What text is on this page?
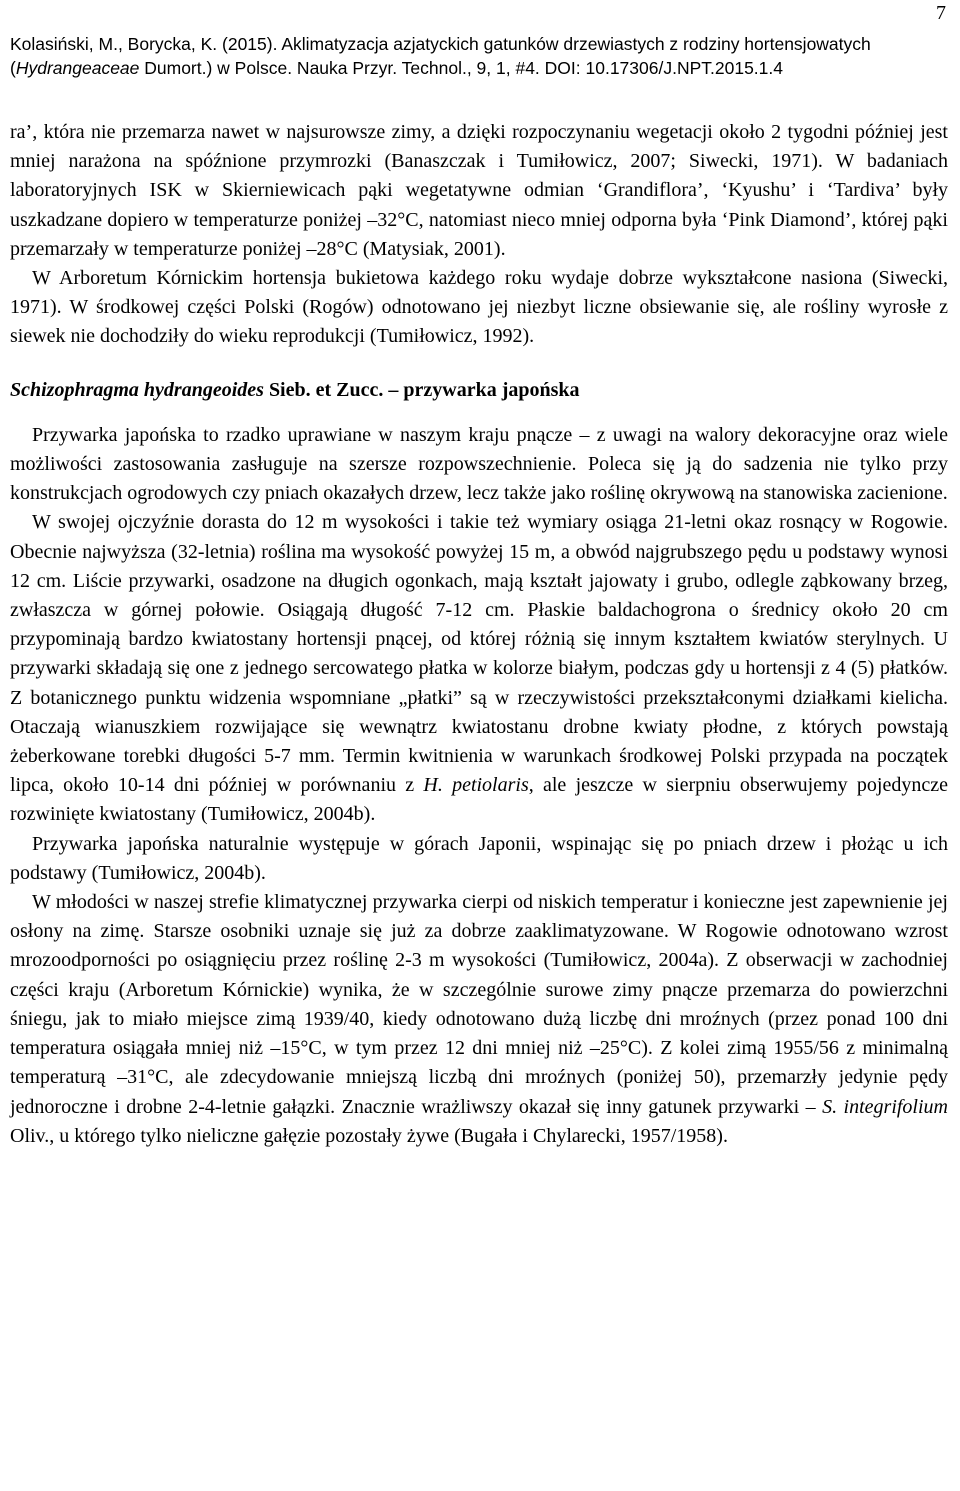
7
Kolasiński, M., Borycka, K. (2015). Aklimatyzacja azjatyckich gatunków drzewiastych z rodziny hortensjowatych
(Hydrangeaceae Dumort.) w Polsce. Nauka Przyr. Technol., 9, 1, #4. DOI: 10.17306/J.NPT.2015.1.4

ra’, która nie przemarza nawet w najsurowsze zimy, a dzięki rozpoczynaniu wegetacji około 2 tygodni później jest mniej narażona na spóźnione przymrozki (Banaszczak i Tumiłowicz, 2007; Siwecki, 1971). W badaniach laboratoryjnych ISK w Skierniewicach pąki wegetatywne odmian ‘Grandiflora’, ‘Kyushu’ i ‘Tardiva’ były uszkadzane dopiero w temperaturze poniżej –32°C, natomiast nieco mniej odporna była ‘Pink Diamond’, której pąki przemarzały w temperaturze poniżej –28°C (Matysiak, 2001).

W Arboretum Kórnickim hortensja bukietowa każdego roku wydaje dobrze wykształcone nasiona (Siwecki, 1971). W środkowej części Polski (Rogów) odnotowano jej niezbyt liczne obsiewanie się, ale rośliny wyrosłe z siewek nie dochodziły do wieku reprodukcji (Tumiłowicz, 1992).

Schizophragma hydrangeoides Sieb. et Zucc. – przywarka japońska

Przywarka japońska to rzadko uprawiane w naszym kraju pnącze – z uwagi na walory dekoracyjne oraz wiele możliwości zastosowania zasługuje na szersze rozpowszechnienie. Poleca się ją do sadzenia nie tylko przy konstrukcjach ogrodowych czy pniach okazałych drzew, lecz także jako roślinę okrywową na stanowiska zacienione.

W swojej ojczyźnie dorasta do 12 m wysokości i takie też wymiary osiąga 21-letni okaz rosnący w Rogowie. Obecnie najwyższa (32-letnia) roślina ma wysokość powyżej 15 m, a obwód najgrubszego pędu u podstawy wynosi 12 cm. Liście przywarki, osadzone na długich ogonkach, mają kształt jajowaty i grubo, odlegle ząbkowany brzeg, zwłaszcza w górnej połowie. Osiągają długość 7-12 cm. Płaskie baldachogrona o średnicy około 20 cm przypominają bardzo kwiatostany hortensji pnącej, od której różnią się innym kształtem kwiatów sterylnych. U przywarki składają się one z jednego sercowatego płatka w kolorze białym, podczas gdy u hortensji z 4 (5) płatków. Z botanicznego punktu widzenia wspomniane „płatki” są w rzeczywistości przekształconymi działkami kielicha. Otaczają wianuszkiem rozwijające się wewnątrz kwiatostanu drobne kwiaty płodne, z których powstają żeberkowane torebki długości 5-7 mm. Termin kwitnienia w warunkach środkowej Polski przypada na początek lipca, około 10-14 dni później w porównaniu z H. petiolaris, ale jeszcze w sierpniu obserwujemy pojedyncze rozwinięte kwiatostany (Tumiłowicz, 2004b).

Przywarka japońska naturalnie występuje w górach Japonii, wspinając się po pniach drzew i płożąc u ich podstawy (Tumiłowicz, 2004b).

W młodości w naszej strefie klimatycznej przywarka cierpi od niskich temperatur i konieczne jest zapewnienie jej osłony na zimę. Starsze osobniki uznaje się już za dobrze zaaklimatyzowane. W Rogowie odnotowano wzrost mrozoodporności po osiągnięciu przez roślinę 2-3 m wysokości (Tumiłowicz, 2004a). Z obserwacji w zachodniej części kraju (Arboretum Kórnickie) wynika, że w szczególnie surowe zimy pnącze przemarza do powierzchni śniegu, jak to miało miejsce zimą 1939/40, kiedy odnotowano dużą liczbę dni mroźnych (przez ponad 100 dni temperatura osiągała mniej niż –15°C, w tym przez 12 dni mniej niż –25°C). Z kolei zimą 1955/56 z minimalną temperaturą –31°C, ale zdecydowanie mniejszą liczbą dni mroźnych (poniżej 50), przemarzły jedynie pędy jednoroczne i drobne 2-4-letnie gałązki. Znacznie wrażliwszy okazał się inny gatunek przywarki – S. integrifolium Oliv., u którego tylko nieliczne gałęzie pozostały żywe (Bugała i Chylarecki, 1957/1958).
